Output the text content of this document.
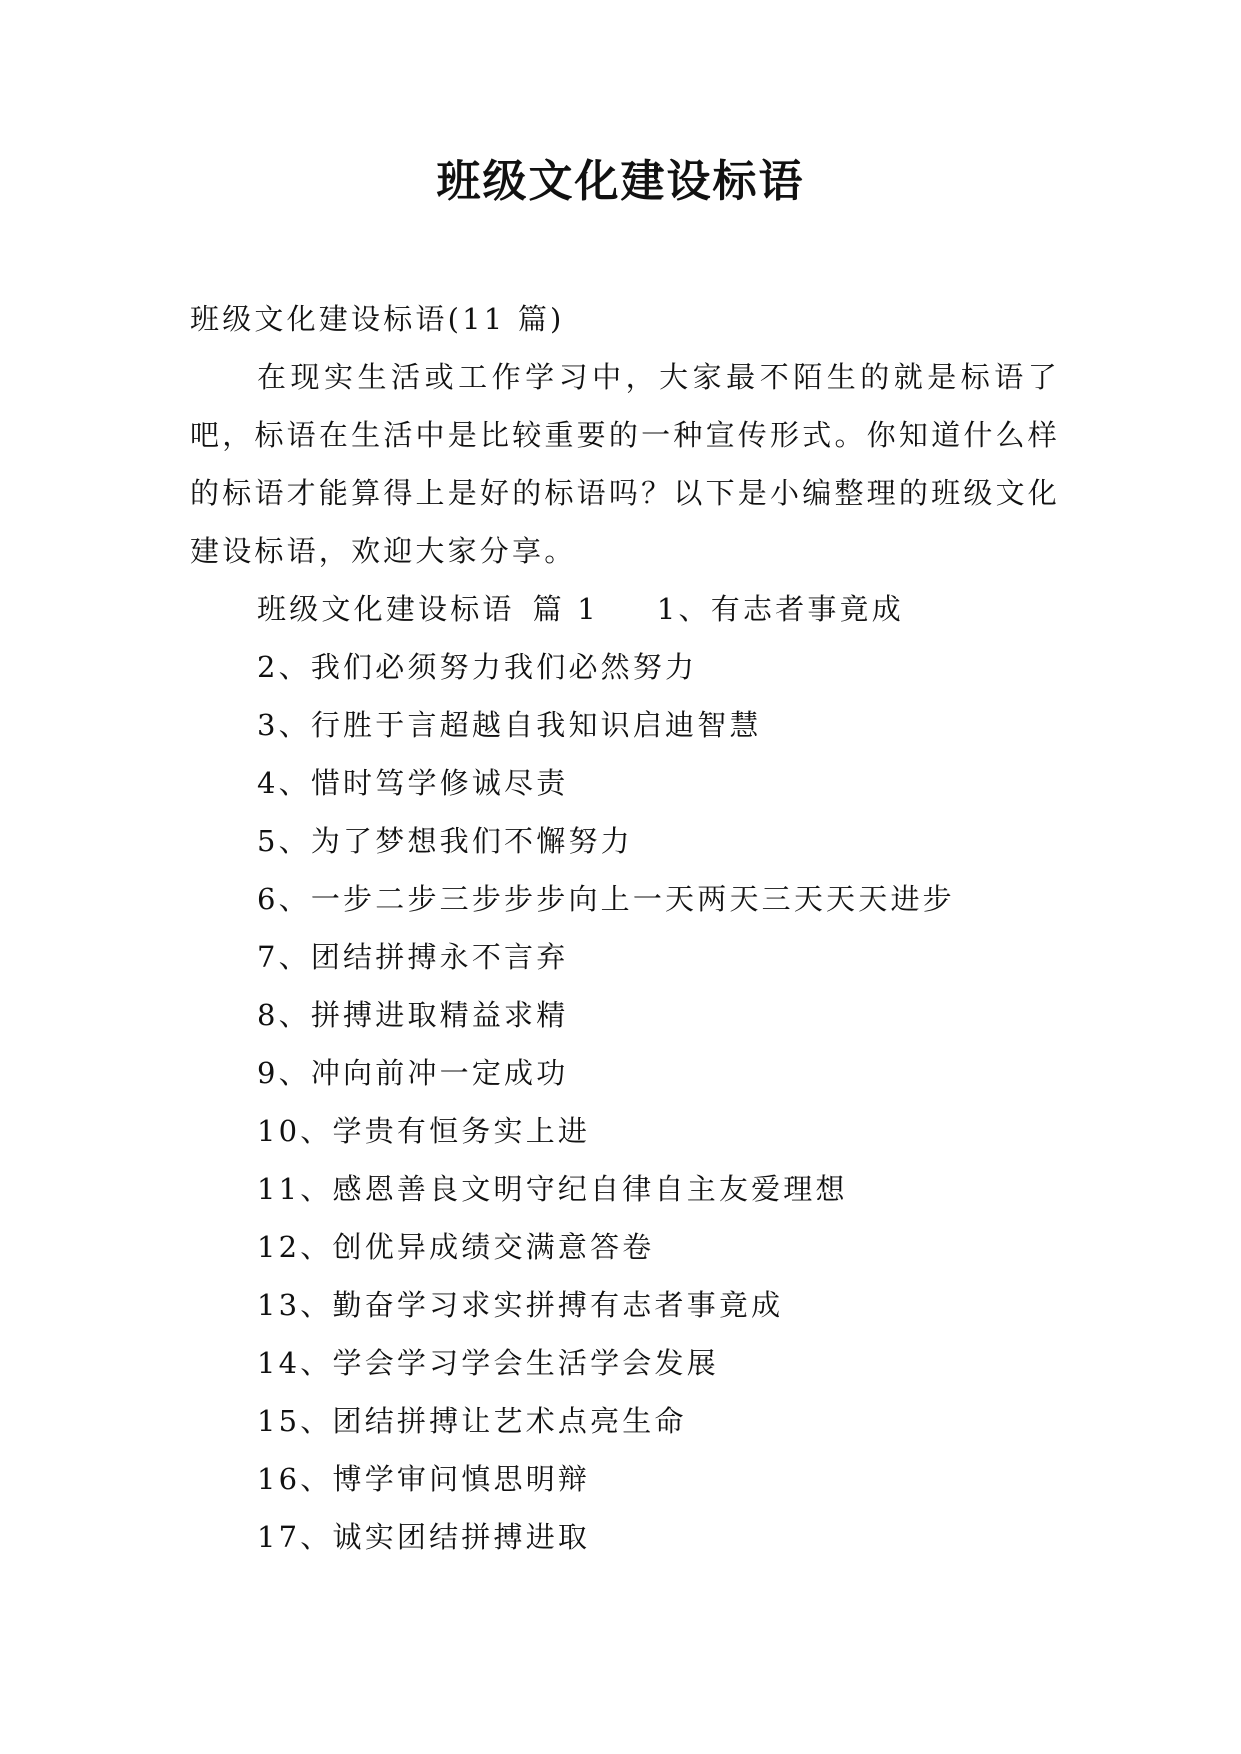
班级文化建设标语

班级文化建设标语(11 篇)

在现实生活或工作学习中，大家最不陌生的就是标语了吧，标语在生活中是比较重要的一种宣传形式。你知道什么样的标语才能算得上是好的标语吗？以下是小编整理的班级文化建设标语，欢迎大家分享。

班级文化建设标语 篇 1 1、有志者事竟成

2、我们必须努力我们必然努力
3、行胜于言超越自我知识启迪智慧
4、惜时笃学修诚尽责
5、为了梦想我们不懈努力
6、一步二步三步步步向上一天两天三天天天进步
7、团结拼搏永不言弃
8、拼搏进取精益求精
9、冲向前冲一定成功
10、学贵有恒务实上进
11、感恩善良文明守纪自律自主友爱理想
12、创优异成绩交满意答卷
13、勤奋学习求实拼搏有志者事竟成
14、学会学习学会生活学会发展
15、团结拼搏让艺术点亮生命
16、博学审问慎思明辩
17、诚实团结拼搏进取
